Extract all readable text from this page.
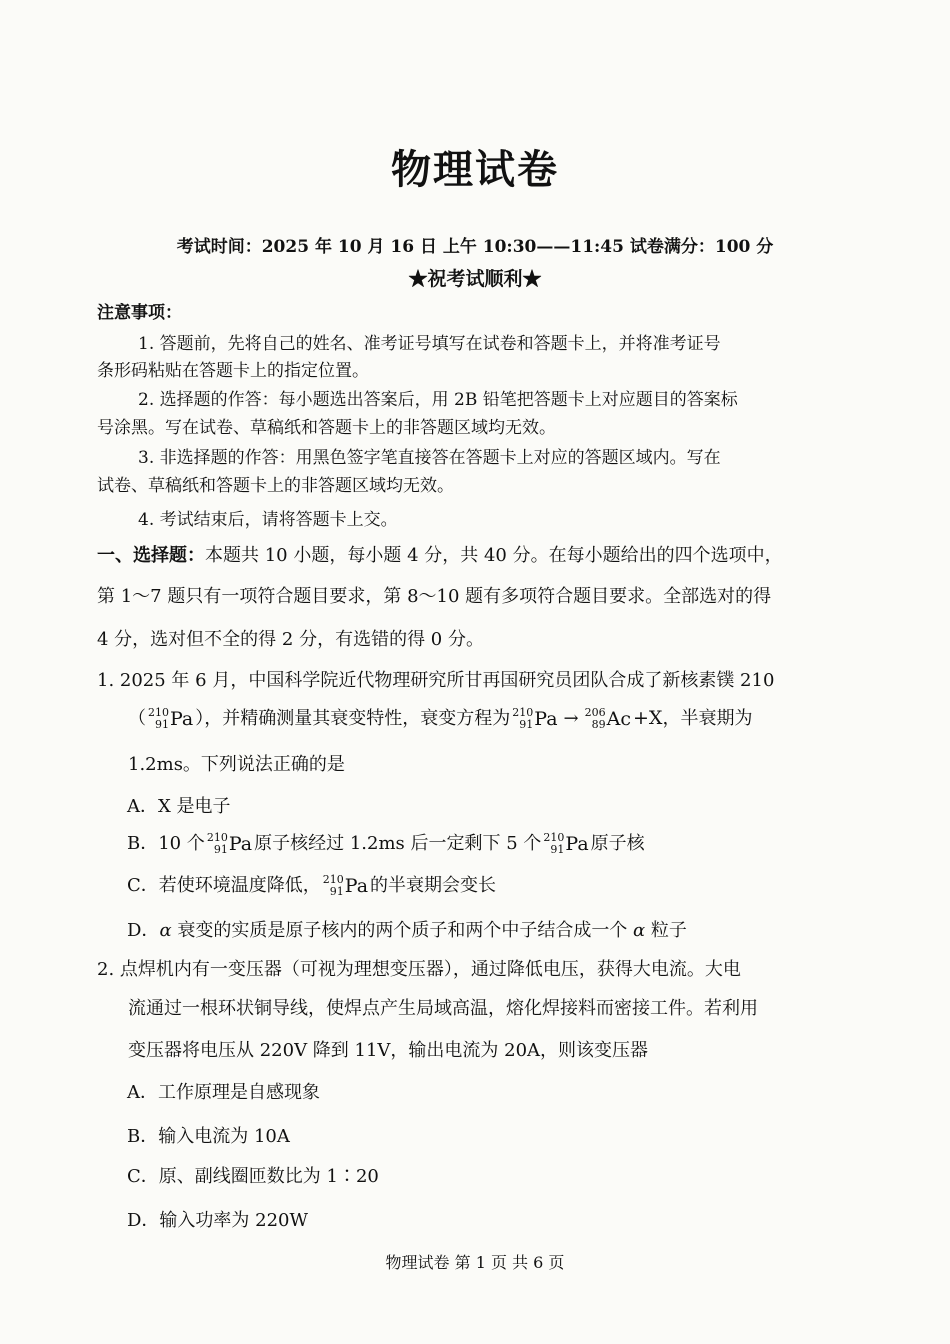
物理试卷
考试时间：2025 年 10 月 16 日 上午 10:30——11:45 试卷满分：100 分
★祝考试顺利★
注意事项：
1. 答题前，先将自己的姓名、准考证号填写在试卷和答题卡上，并将准考证号
条形码粘贴在答题卡上的指定位置。
2. 选择题的作答：每小题选出答案后，用 2B 铅笔把答题卡上对应题目的答案标
号涂黑。写在试卷、草稿纸和答题卡上的非答题区域均无效。
3. 非选择题的作答：用黑色签字笔直接答在答题卡上对应的答题区域内。写在
试卷、草稿纸和答题卡上的非答题区域均无效。
4. 考试结束后，请将答题卡上交。
一、选择题：本题共 10 小题，每小题 4 分，共 40 分。在每小题给出的四个选项中，
第 1～7 题只有一项符合题目要求，第 8～10 题有多项符合题目要求。全部选对的得
4 分，选对但不全的得 2 分，有选错的得 0 分。
1. 2025 年 6 月，中国科学院近代物理研究所甘再国研究员团队合成了新核素镤 210
（ 210
91 Pa ），并精确测量其衰变特性，衰变方程为 210
91 Pa → 206
89 Ac +X，半衰期为
1.2ms。下列说法正确的是
A．X 是电子
B．10 个 210
91 Pa 原子核经过 1.2ms 后一定剩下 5 个 210
91 Pa 原子核
C．若使环境温度降低， 210
91 Pa 的半衰期会变长
D．α 衰变的实质是原子核内的两个质子和两个中子结合成一个 α 粒子
2. 点焊机内有一变压器（可视为理想变压器），通过降低电压，获得大电流。大电
流通过一根环状铜导线，使焊点产生局域高温，熔化焊接料而密接工件。若利用
变压器将电压从 220V 降到 11V，输出电流为 20A，则该变压器
A．工作原理是自感现象
B．输入电流为 10A
C．原、副线圈匝数比为 1∶20
D．输入功率为 220W
物理试卷 第 1 页 共 6 页
